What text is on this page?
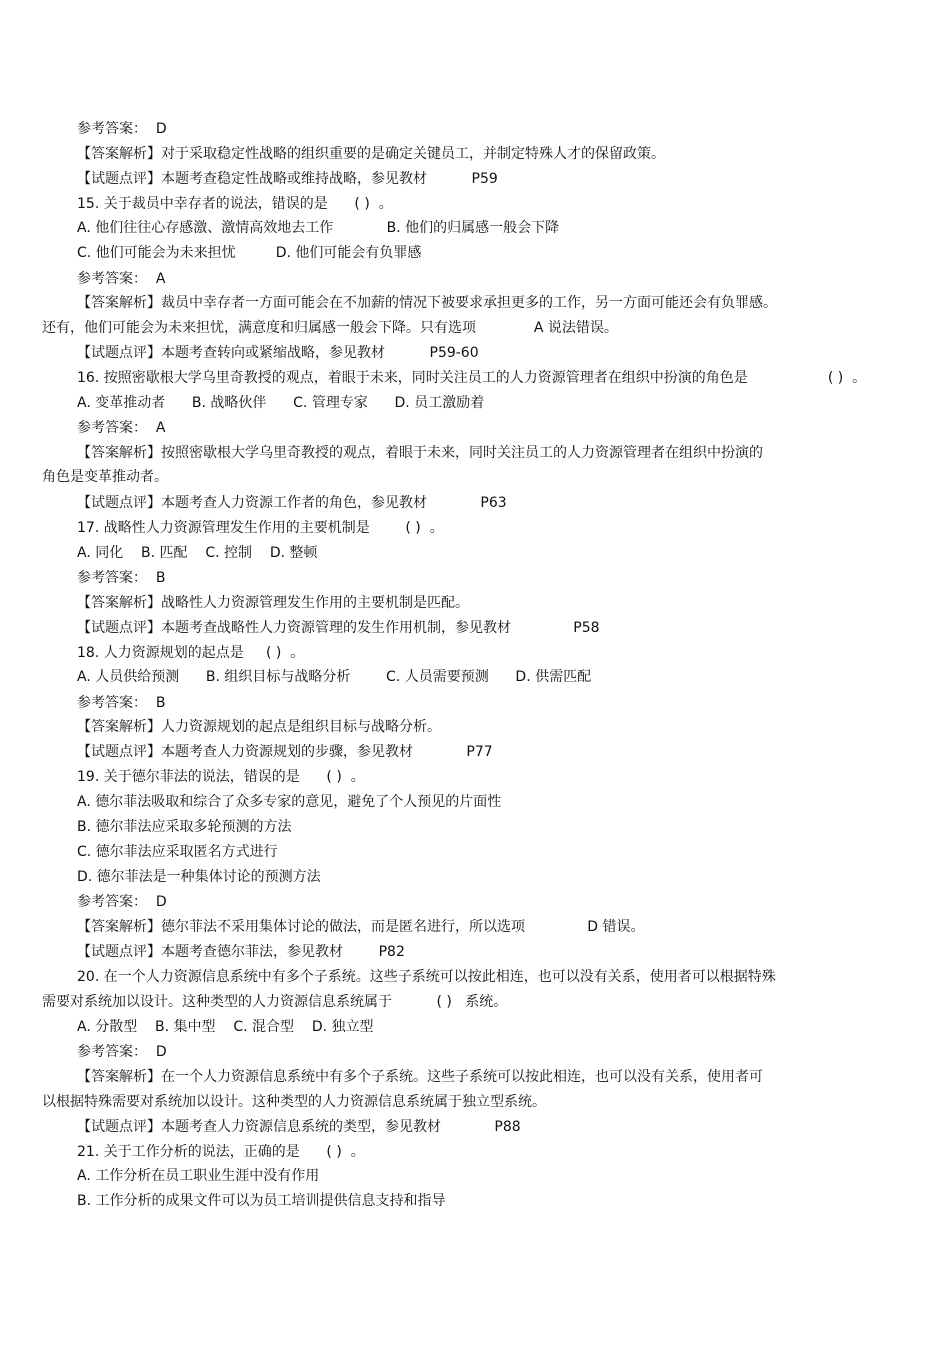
参考答案：  D
【答案解析】对于采取稳定性战略的组织重要的是确定关键员工，并制定特殊人才的保留政策。
【试题点评】本题考查稳定性战略或维持战略，参见教材          P59
15. 关于裁员中幸存者的说法，错误的是      ( )  。
A. 他们往往心存感激、激情高效地去工作            B. 他们的归属感一般会下降
C. 他们可能会为未来担忧         D. 他们可能会有负罪感
参考答案：  A
【答案解析】裁员中幸存者一方面可能会在不加薪的情况下被要求承担更多的工作，另一方面可能还会有负罪感。
还有，他们可能会为未来担忧，满意度和归属感一般会下降。只有选项             A 说法错误。
【试题点评】本题考查转向或紧缩战略，参见教材          P59-60
16. 按照密歇根大学乌里奇教授的观点，着眼于未来，同时关注员工的人力资源管理者在组织中扮演的角色是                  ( )  。
A. 变革推动者      B. 战略伙伴      C. 管理专家      D. 员工激励着
参考答案：  A
【答案解析】按照密歇根大学乌里奇教授的观点，着眼于未来，同时关注员工的人力资源管理者在组织中扮演的
角色是变革推动者。
【试题点评】本题考查人力资源工作者的角色，参见教材            P63
17. 战略性人力资源管理发生作用的主要机制是        ( )  。
A. 同化    B. 匹配    C. 控制    D. 整顿
参考答案：  B
【答案解析】战略性人力资源管理发生作用的主要机制是匹配。
【试题点评】本题考查战略性人力资源管理的发生作用机制，参见教材              P58
18. 人力资源规划的起点是     ( )  。
A. 人员供给预测      B. 组织目标与战略分析        C. 人员需要预测      D. 供需匹配
参考答案：  B
【答案解析】人力资源规划的起点是组织目标与战略分析。
【试题点评】本题考查人力资源规划的步骤，参见教材            P77
19. 关于德尔菲法的说法，错误的是      ( )  。
A. 德尔菲法吸取和综合了众多专家的意见，避免了个人预见的片面性
B. 德尔菲法应采取多轮预测的方法
C. 德尔菲法应采取匿名方式进行
D. 德尔菲法是一种集体讨论的预测方法
参考答案：  D
【答案解析】德尔菲法不采用集体讨论的做法，而是匿名进行，所以选项              D 错误。
【试题点评】本题考查德尔菲法，参见教材        P82
20. 在一个人力资源信息系统中有多个子系统。这些子系统可以按此相连，也可以没有关系，使用者可以根据特殊
需要对系统加以设计。这种类型的人力资源信息系统属于          ( )   系统。
A. 分散型    B. 集中型    C. 混合型    D. 独立型
参考答案：  D
【答案解析】在一个人力资源信息系统中有多个子系统。这些子系统可以按此相连，也可以没有关系，使用者可
以根据特殊需要对系统加以设计。这种类型的人力资源信息系统属于独立型系统。
【试题点评】本题考查人力资源信息系统的类型，参见教材            P88
21. 关于工作分析的说法，正确的是      ( )  。
A. 工作分析在员工职业生涯中没有作用
B. 工作分析的成果文件可以为员工培训提供信息支持和指导
